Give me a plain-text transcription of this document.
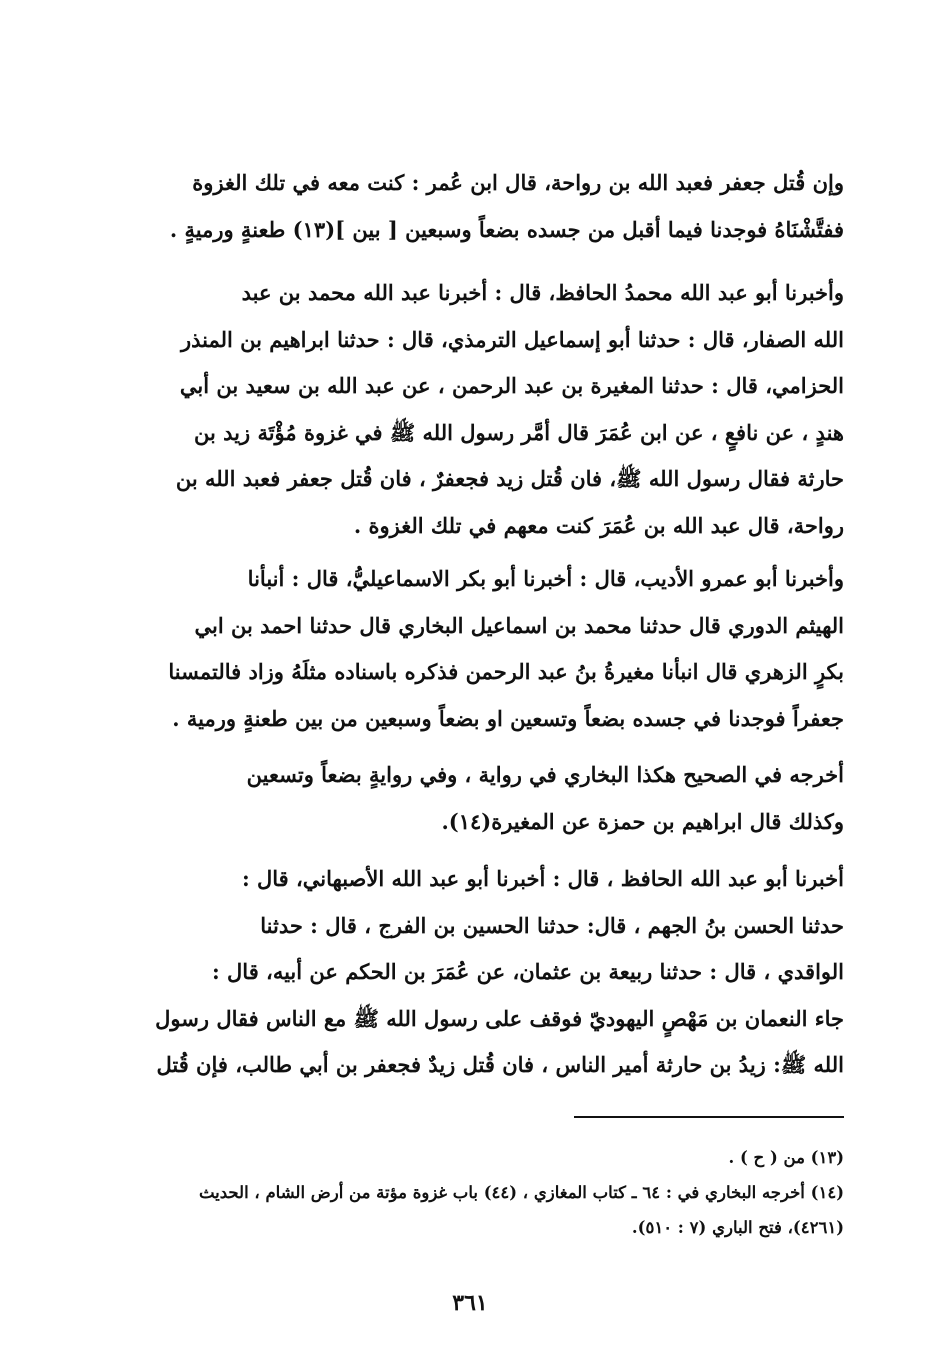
وإن قُتل جعفر فعبد الله بن رواحة، قال ابن عُمر : كنت معه في تلك الغزوة
ففتَّشْنَاهُ فوجدنا فيما أقبل من جسده بضعاً وسبعين [ بين ](١٣) طعنةٍ ورميةٍ .
وأخبرنا أبو عبد الله محمدُ الحافظ، قال : أخبرنا عبد الله محمد بن عبد
الله الصفار، قال : حدثنا أبو إسماعيل الترمذي، قال : حدثنا ابراهيم بن المنذر
الحزامي، قال : حدثنا المغيرة بن عبد الرحمن ، عن عبد الله بن سعيد بن أبي
هندٍ ، عن نافعٍ ، عن ابن عُمَرَ قال أمَّر رسول الله ﷺ في غزوة مُؤْتَة زيد بن
حارثة فقال رسول الله ﷺ، فان قُتل زيد فجعفرٌ ، فان قُتل جعفر فعبد الله بن
رواحة، قال عبد الله بن عُمَرَ كنت معهم في تلك الغزوة .
وأخبرنا أبو عمرو الأديب، قال : أخبرنا أبو بكر الاسماعيليُّ، قال : أنبأنا
الهيثم الدوري قال حدثنا محمد بن اسماعيل البخاري قال حدثنا احمد بن ابي
بكرٍ الزهري قال انبأنا مغيرةُ بنُ عبد الرحمن فذكره باسناده مثلَهُ وزاد فالتمسنا
جعفراً فوجدنا في جسده بضعاً وتسعين او بضعاً وسبعين من بين طعنةٍ ورمية .
أخرجه في الصحيح هكذا البخاري في رواية ، وفي روايةٍ بضعاً وتسعين
وكذلك قال ابراهيم بن حمزة عن المغيرة(١٤).
أخبرنا أبو عبد الله الحافظ ، قال : أخبرنا أبو عبد الله الأصبهاني، قال :
حدثنا الحسن بنُ الجهم ، قال: حدثنا الحسين بن الفرج ، قال : حدثنا
الواقدي ، قال : حدثنا ربيعة بن عثمان، عن عُمَرَ بن الحكم عن أبيه، قال :
جاء النعمان بن مَهْصٍ اليهوديّ فوقف على رسول الله ﷺ مع الناس فقال رسول
الله ﷺ: زيدُ بن حارثة أمير الناس ، فان قُتل زيدٌ فجعفر بن أبي طالب، فإن قُتل
(١٣) من ( ح ) .
(١٤) أخرجه البخاري في : ٦٤ ـ كتاب المغازي ، (٤٤) باب غزوة مؤتة من أرض الشام ، الحديث
(٤٢٦١)، فتح الباري (٧ : ٥١٠).
٣٦١
